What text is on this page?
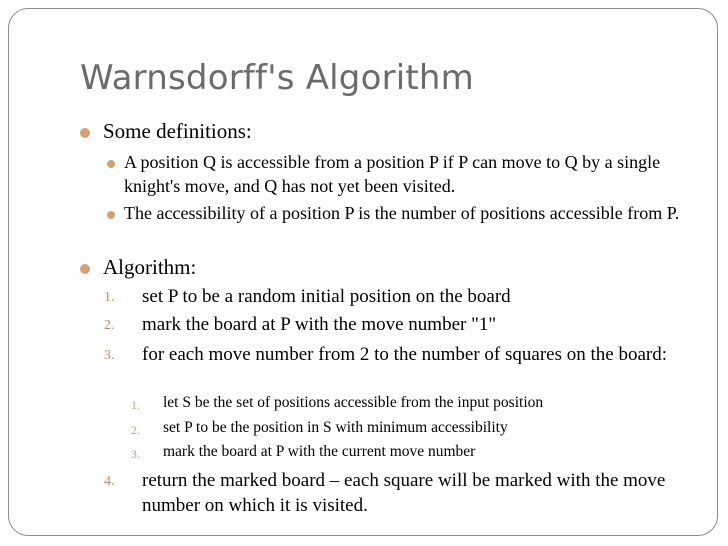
Warnsdorff's Algorithm
Some definitions:
A position Q is accessible from a position P if P can move to Q by a single knight's move, and Q has not yet been visited.
The accessibility of a position P is the number of positions accessible from P.
Algorithm:
1. set P to be a random initial position on the board
2. mark the board at P with the move number "1"
3. for each move number from 2 to the number of squares on the board:
1. let S be the set of positions accessible from the input position
2. set P to be the position in S with minimum accessibility
3. mark the board at P with the current move number
4. return the marked board – each square will be marked with the move number on which it is visited.
